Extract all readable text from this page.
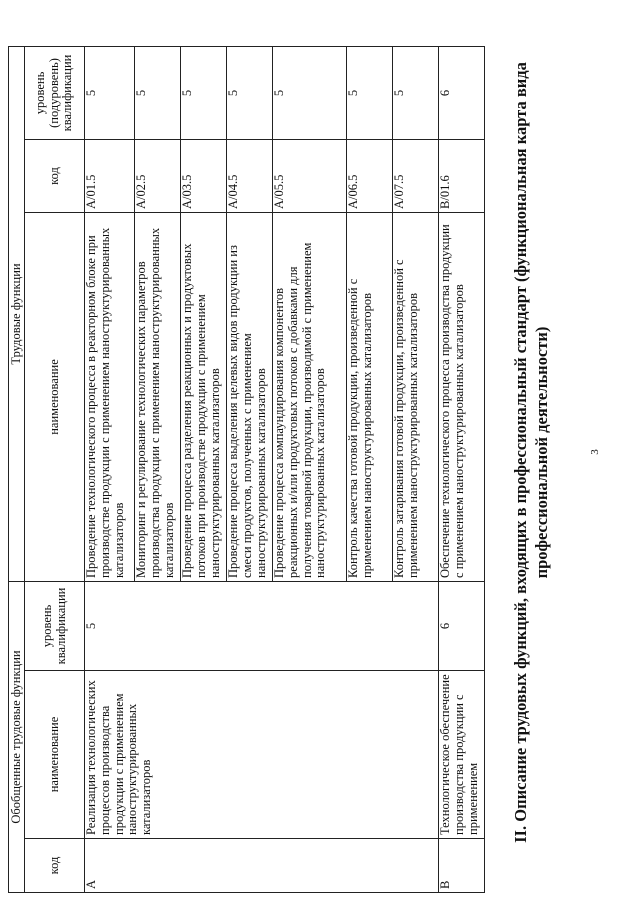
3
II. Описание трудовых функций, входящих в профессиональный стандарт (функциональная карта вида профессиональной деятельности)
Обобщенные трудовые функции			Трудовые функции		
код	наименование	уровень квалификации	наименование	код	уровень (подуровень) квалификации
A	Реализация технологических процессов производства продукции с применением наноструктурированных катализаторов	5	Проведение технологического процесса в реакторном блоке при производстве продукции с применением наноструктурированных катализаторов	A/01.5	5
			Мониторинг и регулирование технологических параметров производства продукции с применением наноструктурированных катализаторов	A/02.5	5
			Проведение процесса разделения реакционных и продуктовых потоков при производстве продукции с применением наноструктурированных катализаторов	A/03.5	5
			Проведение процесса выделения целевых видов продукции из смеси продуктов, полученных с применением наноструктурированных катализаторов	A/04.5	5
			Проведение процесса компаундирования компонентов реакционных и/или продуктовых потоков с добавками для получения товарной продукции, производимой с применением наноструктурированных катализаторов	A/05.5	5
			Контроль качества готовой продукции, произведенной с применением наноструктурированных катализаторов	A/06.5	5
			Контроль затаривания готовой продукции, произведенной с применением наноструктурированных катализаторов	A/07.5	5
B	Технологическое обеспечение производства продукции с применением	6	Обеспечение технологического процесса производства продукции с применением наноструктурированных катализаторов	B/01.6	6
